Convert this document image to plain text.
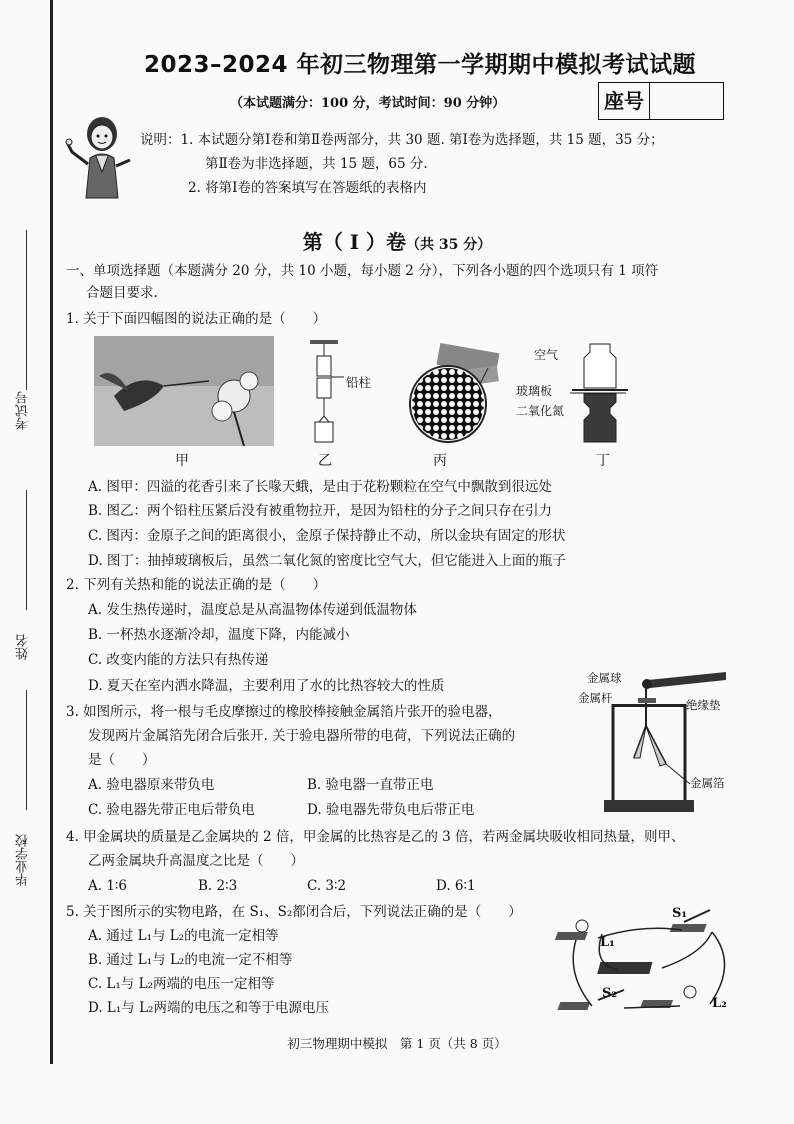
考试号
姓名
毕业学校
2023–2024 年初三物理第一学期期中模拟考试试题
（本试题满分：100 分，考试时间：90 分钟）	座号
说明：1. 本试题分第Ⅰ卷和第Ⅱ卷两部分，共 30 题. 第Ⅰ卷为选择题，共 15 题，35 分；
第Ⅱ卷为非选择题，共 15 题，65 分.
2. 将第Ⅰ卷的答案填写在答题纸的表格内
第（ Ⅰ ）卷（共 35 分）
一、单项选择题（本题满分 20 分，共 10 小题，每小题 2 分），下列各小题的四个选项只有 1 项符
合题目要求.
1. 关于下面四幅图的说法正确的是（　　）
甲
铅柱
乙	丙
空气
玻璃板
二氧化氮
丁
A. 图甲：四溢的花香引来了长喙天蛾，是由于花粉颗粒在空气中飘散到很远处
B. 图乙：两个铅柱压紧后没有被重物拉开，是因为铅柱的分子之间只存在引力
C. 图丙：金原子之间的距离很小，金原子保持静止不动，所以金块有固定的形状
D. 图丁：抽掉玻璃板后，虽然二氧化氮的密度比空气大，但它能进入上面的瓶子
2. 下列有关热和能的说法正确的是（　　）
A. 发生热传递时，温度总是从高温物体传递到低温物体
B. 一杯热水逐渐冷却，温度下降，内能减小
C. 改变内能的方法只有热传递
D. 夏天在室内洒水降温，主要利用了水的比热容较大的性质
3. 如图所示，将一根与毛皮摩擦过的橡胶棒接触金属箔片张开的验电器，
发现两片金属箔先闭合后张开. 关于验电器所带的电荷，下列说法正确的
是（　　）
A. 验电器原来带负电	B. 验电器一直带正电
C. 验电器先带正电后带负电	D. 验电器先带负电后带正电
金属球
金属杆	绝缘垫
金属箔
4. 甲金属块的质量是乙金属块的 2 倍，甲金属的比热容是乙的 3 倍，若两金属块吸收相同热量，则甲、
乙两金属块升高温度之比是（　　）
A. 1∶6	B. 2∶3	C. 3∶2	D. 6∶1
5. 关于图所示的实物电路，在 S₁、S₂都闭合后，下列说法正确的是（　　）
A. 通过 L₁与 L₂的电流一定相等
B. 通过 L₁与 L₂的电流一定不相等
C. L₁与 L₂两端的电压一定相等
D. L₁与 L₂两端的电压之和等于电源电压
S₁
L₁
S₂
L₂
初三物理期中模拟　第 1 页（共 8 页）
